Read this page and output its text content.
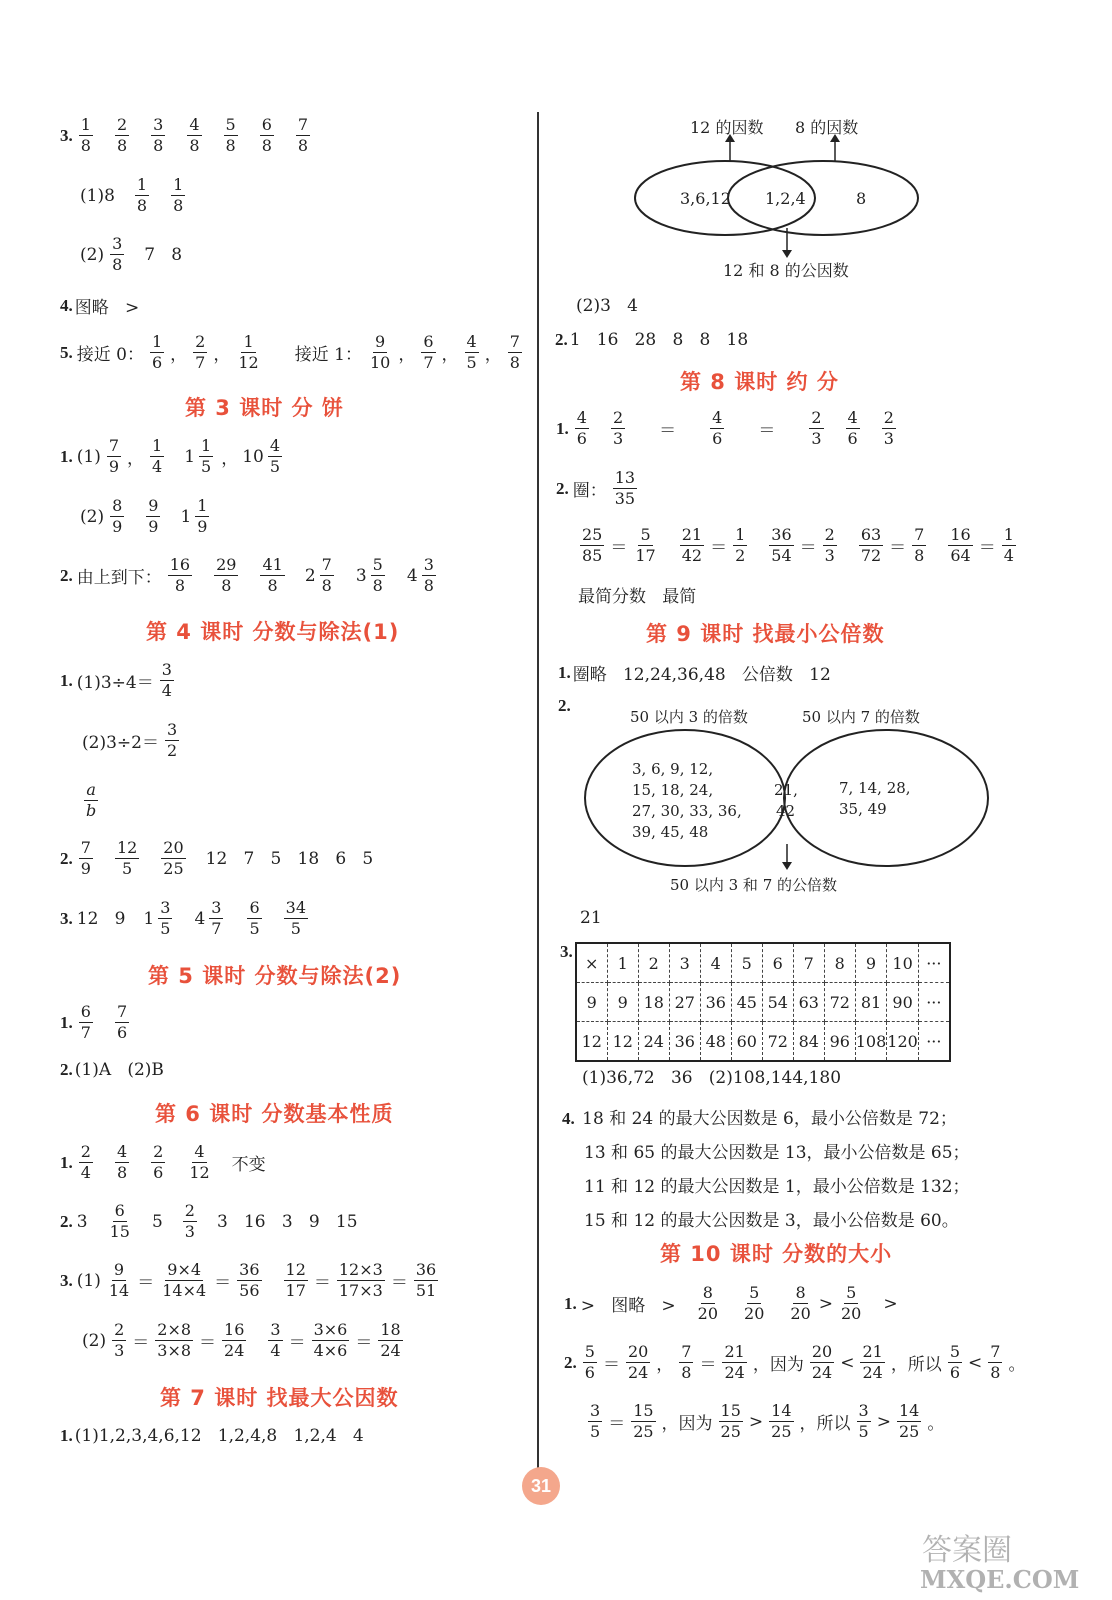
3. $\frac{1}{8} \frac{2}{8} \frac{3}{8} \frac{4}{8} \frac{5}{8} \frac{6}{8} \frac{7}{8}$
$(1)8 \frac{1}{8} \frac{1}{8}$
$(2) \frac{3}{8} 7$   8
4. 图略   >
5. 接近 0： $\frac{1}{6}$ ， $\frac{2}{7}$ ， $\frac{1}{12}$ 接近 1： $\frac{9}{10}$ ， $\frac{6}{7}$ ， $\frac{4}{5}$ ， $\frac{7}{8}$
第 3 课时 分 饼
1. $(1) \frac{7}{9}$ ， $\frac{1}{4} 1 \frac{1}{5}$ ， $10 \frac{4}{5}$
$(2) \frac{8}{9} \frac{9}{9} 1 \frac{1}{9}$
2. 由上到下： $\frac{16}{8} \frac{29}{8} \frac{41}{8} 2 \frac{7}{8} 3 \frac{5}{8} 4 \frac{3}{8}$
第 4 课时 分数与除法(1)
1. $(1)3\div 4= \frac{3}{4}$
$(2)3\div 2= \frac{3}{2}$
$\frac{a}{b}$
2. $\frac{7}{9} \frac{12}{5} \frac{20}{25} 12$   7   5   18   6   5
3. 12   9 $1 \frac{3}{5} 4 \frac{3}{7} \frac{6}{5} \frac{34}{5}$
第 5 课时 分数与除法(2)
1. $\frac{6}{7} \frac{7}{6}$
2. (1)A   (2)B
第 6 课时 分数基本性质
1. $\frac{2}{4} \frac{4}{8} \frac{2}{6} \frac{4}{12}$ 不变
2. $3 \frac{6}{15} 5 \frac{2}{3} 3$   16   3   9   15
3. $(1) \frac{9}{14} = \frac{9\times 4}{14\times 4} = \frac{36}{56} \frac{12}{17} = \frac{12\times 3}{17\times 3} = \frac{36}{51}$
$(2) \frac{2}{3} = \frac{2\times 8}{3\times 8} = \frac{16}{24} \frac{3}{4} = \frac{3\times 6}{4\times 6} = \frac{18}{24}$
第 7 课时 找最大公因数
1. (1)1,2,3,4,6,12   1,2,4,8   1,2,4   4
12 的因数 8 的因数
3,6,12 1,2,4	8
12 和 8 的公因数
(2)3   4
2. 1   16   28   8   8   18
第 8 课时 约 分
1. $\frac{4}{6} \frac{2}{3} = \frac{4}{6} = \frac{2}{3} \frac{4}{6} \frac{2}{3}$
2. 圈： $\frac{13}{35}$
$\frac{25}{85} = \frac{5}{17} \frac{21}{42} = \frac{1}{2} \frac{36}{54} = \frac{2}{3} \frac{63}{72} = \frac{7}{8} \frac{16}{64} = \frac{1}{4}$
最简分数   最简
第 9 课时 找最小公倍数
1. 圈略   12,24,36,48   公倍数   12
2.
50 以内 3 的倍数	50 以内 7 的倍数
3, 6, 9, 12,
15, 18, 24,
27, 30, 33, 36,
39, 45, 48
21,
42
7, 14, 28,
35, 49
50 以内 3 和 7 的公倍数
21
3.
×	1	2	3	4	5	6	7	8	9	10	···
9	9	18	27	36	45	54	63	72	81	90	···
12	12	24	36	48	60	72	84	96	108	120	···
(1)36,72   36   (2)108,144,180
4. 18 和 24 的最大公因数是 6，最小公倍数是 72；
13 和 65 的最大公因数是 13，最小公倍数是 65；
11 和 12 的最大公因数是 1，最小公倍数是 132；
15 和 12 的最大公因数是 3，最小公倍数是 60。
第 10 课时 分数的大小
1. >   图略   > $\frac{8}{20} \frac{5}{20} \frac{8}{20} > \frac{5}{20}$ >
2. $\frac{5}{6} = \frac{20}{24}$ ， $\frac{7}{8} = \frac{21}{24}$ ，因为 $\frac{20}{24} < \frac{21}{24}$ ，所以 $\frac{5}{6} < \frac{7}{8}$ 。
$\frac{3}{5} = \frac{15}{25}$ ，因为 $\frac{15}{25} > \frac{14}{25}$ ，所以 $\frac{3}{5} > \frac{14}{25}$ 。
31
答案圈
MXQE.COM
